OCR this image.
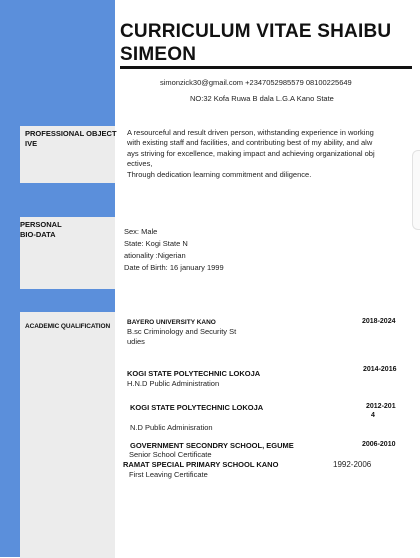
PROFESSIONAL OBJECT
IVE
PERSONAL
BIO-DATA
ACADEMIC QUALIFICATION
CURRICULUM VITAE SHAIBU SIMEON
simonzick30@gmail.com +2347052985579 08100225649
NO:32 Kofa Ruwa B dala L.G.A Kano State
A resourceful and result driven person, withstanding experience in working
with existing staff and facilities, and contributing best of my ability, and alw
ays striving for excellence, making impact and achieving organizational obj
ectives,
Through dedication learning commitment and diligence.
Sex: Male
State: Kogi State N
ationality :Nigerian
Date of Birth: 16 january 1999
BAYERO UNIVERSITY KANO
B.sc Criminology and Security St
udies
2018-2024
KOGI STATE POLYTECHNIC LOKOJA
H.N.D Public Administration
2014-2016
KOGI STATE POLYTECHNIC LOKOJA
N.D Public Adminisration
2012-201
4
GOVERNMENT SECONDRY SCHOOL, EGUME
Senior School Certificate
2006-2010
RAMAT SPECIAL PRIMARY SCHOOL KANO
First Leaving Certificate
1992-2006
